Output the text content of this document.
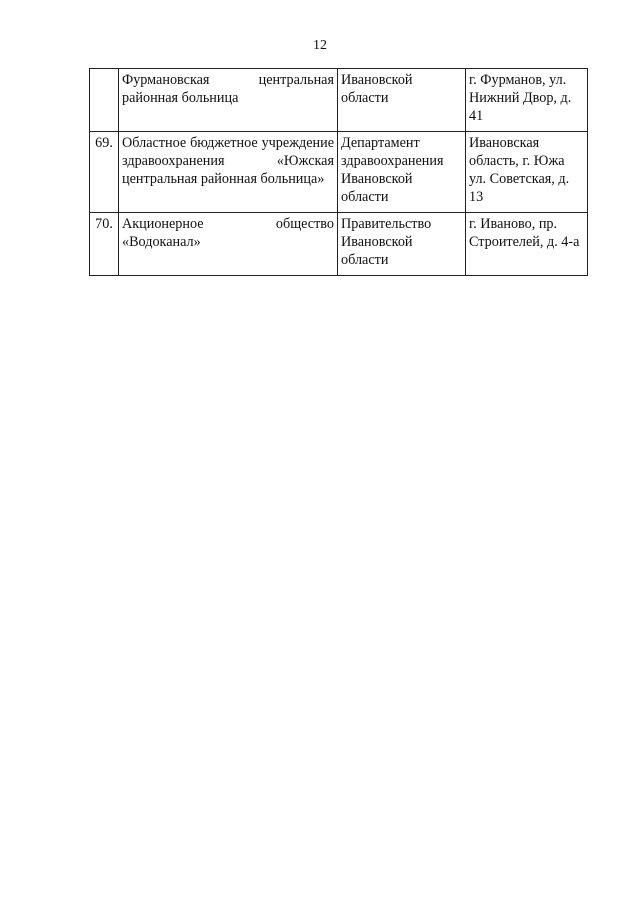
12
	Фурмановская центральная районная больница	Ивановской области	г. Фурманов, ул. Нижний Двор, д. 41
69.	Областное бюджетное учреждение здравоохранения «Южская центральная районная больница»	Департамент здравоохранения Ивановской области	Ивановская область, г. Южа ул. Советская, д. 13
70.	Акционерное общество «Водоканал»	Правительство Ивановской области	г. Иваново, пр. Строителей, д. 4-а
